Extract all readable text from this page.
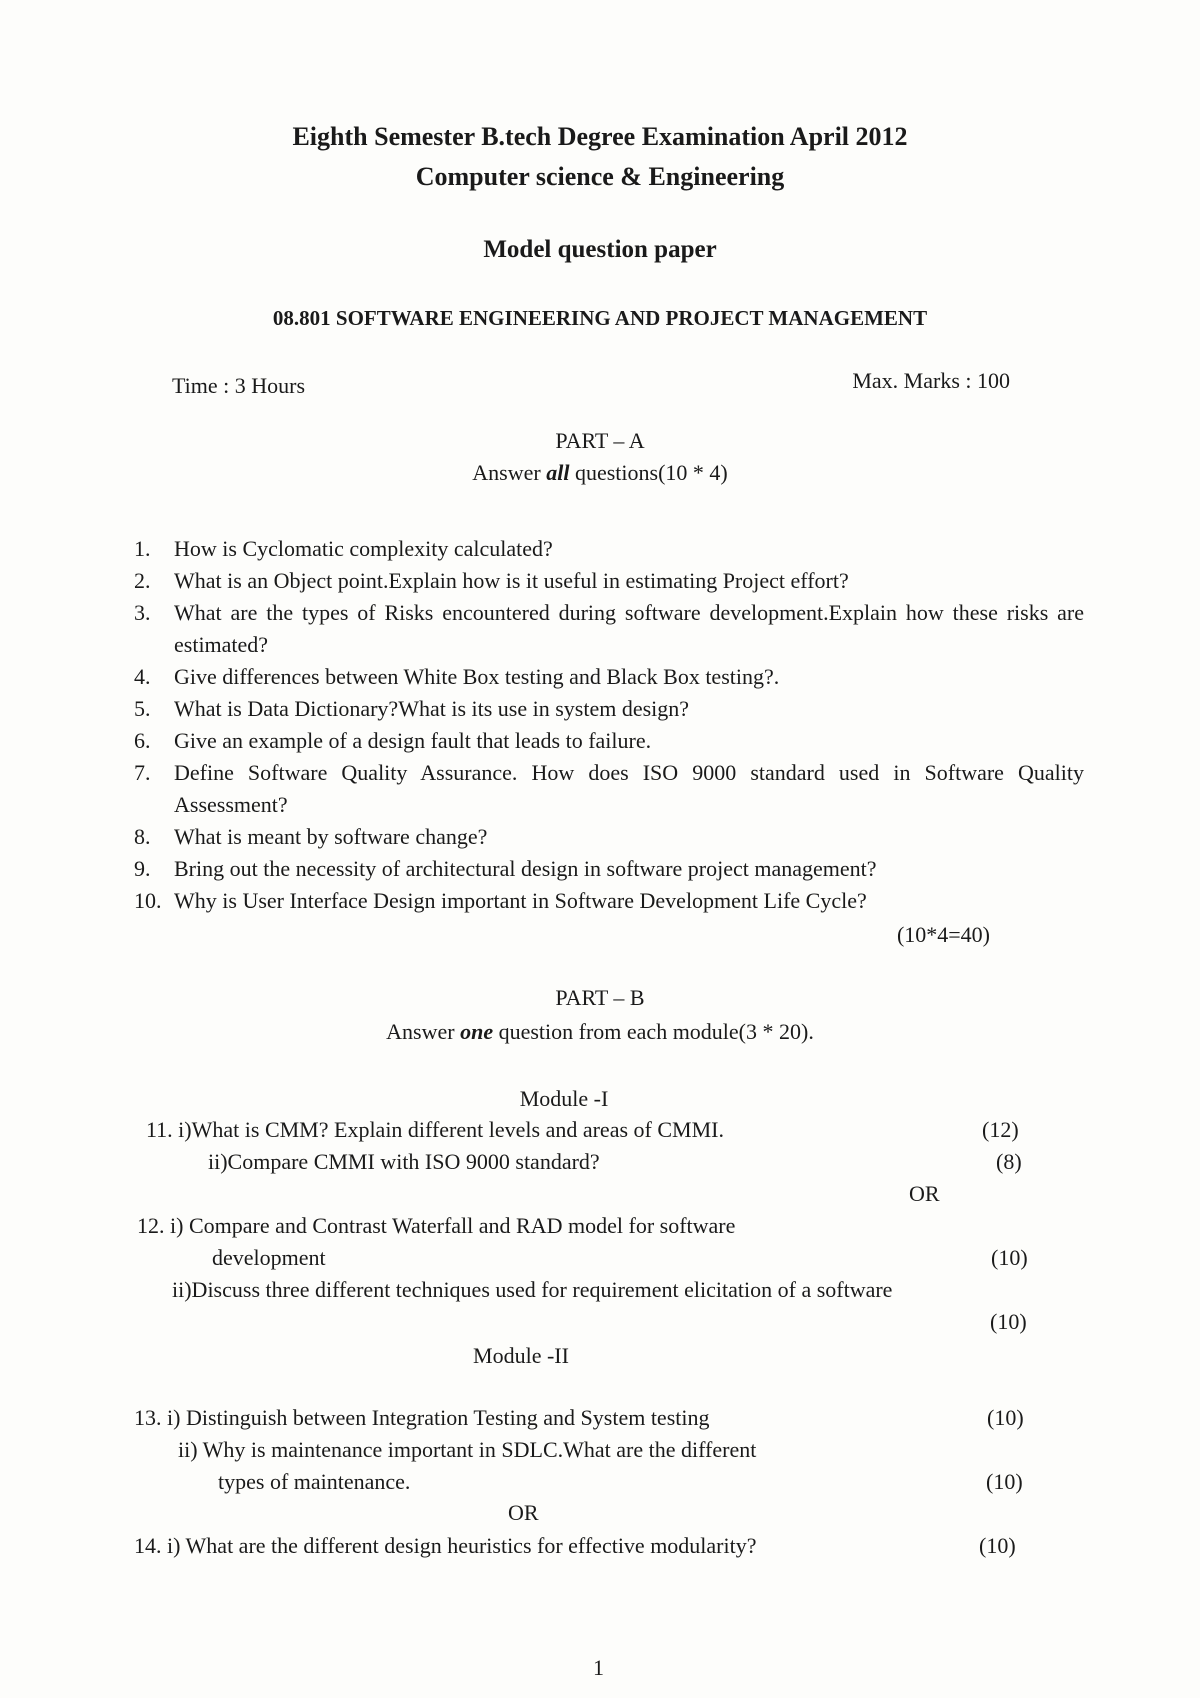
Eighth Semester B.tech Degree Examination April 2012
Computer science & Engineering
Model question paper
08.801 SOFTWARE ENGINEERING AND PROJECT MANAGEMENT
Time : 3 Hours	Max. Marks : 100
PART – A
Answer all questions(10 * 4)
1.	How is Cyclomatic complexity calculated?
2.	What is an Object point.Explain how is it useful in estimating Project effort?
3.	What are the types of Risks encountered during software development.Explain how these risks are estimated?
4.	Give differences between White Box testing and Black Box testing?.
5.	What is Data Dictionary?What is its use in system design?
6.	Give an example of a design fault that leads to failure.
7.	Define Software Quality Assurance. How does ISO 9000 standard used in Software Quality Assessment?
8.	What is meant by software change?
9.	Bring out the necessity of architectural design in software project management?
10. Why is User Interface Design important in Software Development Life Cycle?
(10*4=40)
PART – B
Answer one question from each module(3 * 20).
Module -I
11. i)What is CMM? Explain different levels and areas of CMMI.	(12)
ii)Compare CMMI with ISO 9000 standard?	(8)
OR
12. i) Compare and Contrast Waterfall and RAD model for software
development	(10)
ii)Discuss three different techniques used for requirement elicitation of a software
(10)
Module -II
13. i) Distinguish between Integration Testing and System testing	(10)
ii) Why is maintenance important in SDLC.What are the different
types of maintenance.	(10)
OR
14. i) What are the different design heuristics for effective modularity?	(10)
1
